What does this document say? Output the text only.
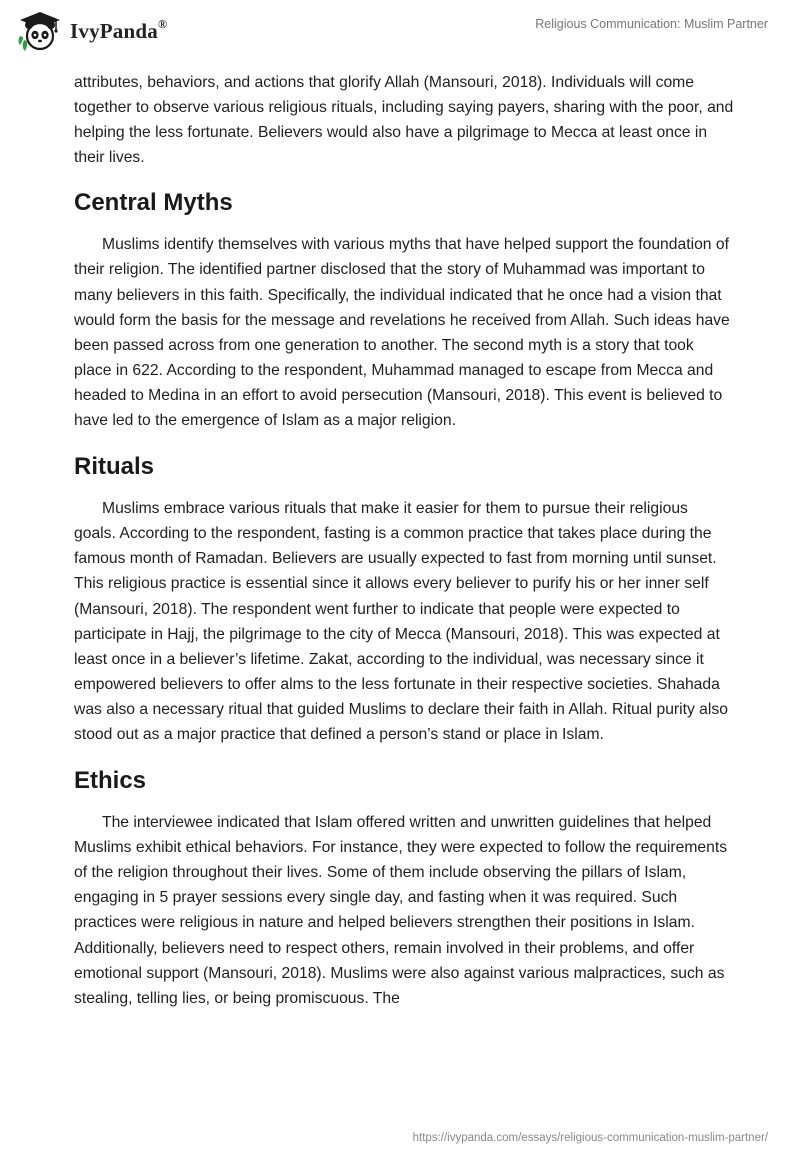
IvyPanda®	Religious Communication: Muslim Partner

attributes, behaviors, and actions that glorify Allah (Mansouri, 2018). Individuals will come together to observe various religious rituals, including saying payers, sharing with the poor, and helping the less fortunate. Believers would also have a pilgrimage to Mecca at least once in their lives.

Central Myths

Muslims identify themselves with various myths that have helped support the foundation of their religion. The identified partner disclosed that the story of Muhammad was important to many believers in this faith. Specifically, the individual indicated that he once had a vision that would form the basis for the message and revelations he received from Allah. Such ideas have been passed across from one generation to another. The second myth is a story that took place in 622. According to the respondent, Muhammad managed to escape from Mecca and headed to Medina in an effort to avoid persecution (Mansouri, 2018). This event is believed to have led to the emergence of Islam as a major religion.

Rituals

Muslims embrace various rituals that make it easier for them to pursue their religious goals. According to the respondent, fasting is a common practice that takes place during the famous month of Ramadan. Believers are usually expected to fast from morning until sunset. This religious practice is essential since it allows every believer to purify his or her inner self (Mansouri, 2018). The respondent went further to indicate that people were expected to participate in Hajj, the pilgrimage to the city of Mecca (Mansouri, 2018). This was expected at least once in a believer’s lifetime. Zakat, according to the individual, was necessary since it empowered believers to offer alms to the less fortunate in their respective societies. Shahada was also a necessary ritual that guided Muslims to declare their faith in Allah. Ritual purity also stood out as a major practice that defined a person’s stand or place in Islam.

Ethics

The interviewee indicated that Islam offered written and unwritten guidelines that helped Muslims exhibit ethical behaviors. For instance, they were expected to follow the requirements of the religion throughout their lives. Some of them include observing the pillars of Islam, engaging in 5 prayer sessions every single day, and fasting when it was required. Such practices were religious in nature and helped believers strengthen their positions in Islam. Additionally, believers need to respect others, remain involved in their problems, and offer emotional support (Mansouri, 2018). Muslims were also against various malpractices, such as stealing, telling lies, or being promiscuous. The

https://ivypanda.com/essays/religious-communication-muslim-partner/
